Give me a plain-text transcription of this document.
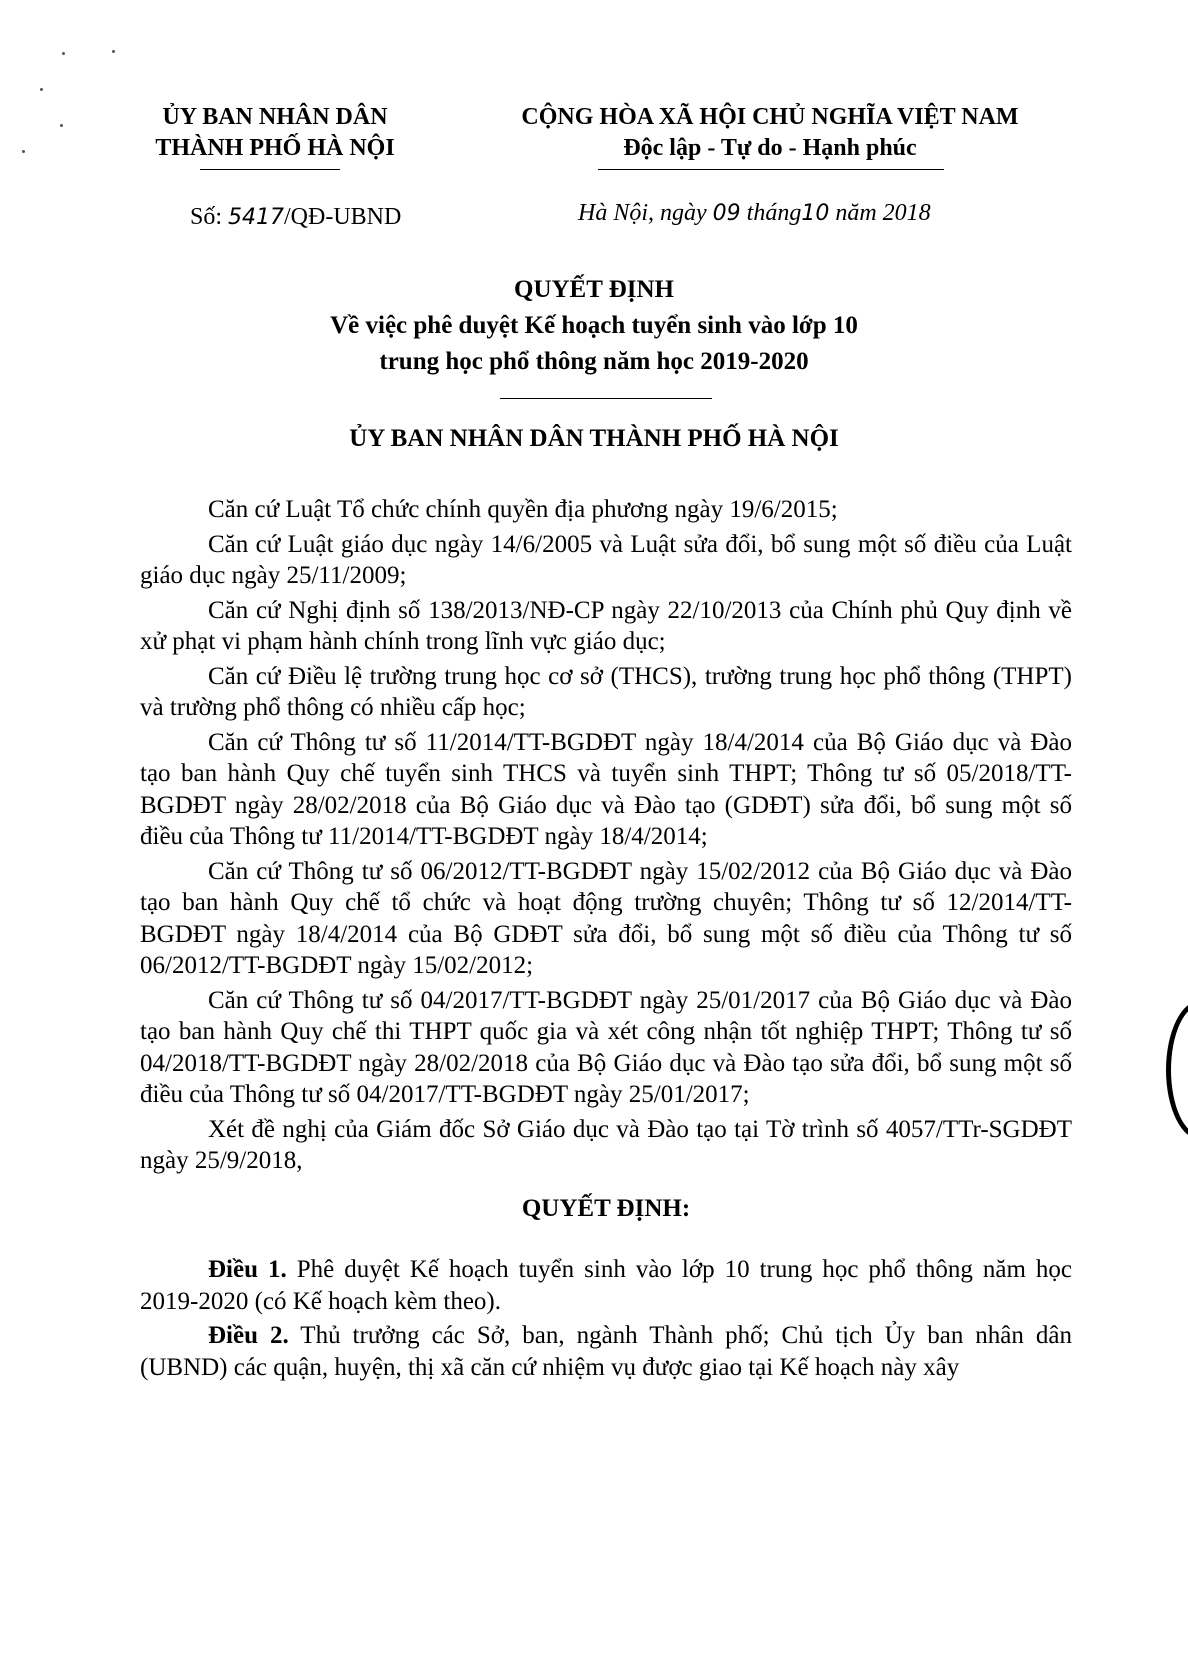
ỦY BAN NHÂN DÂN
THÀNH PHỐ HÀ NỘI
CỘNG HÒA XÃ HỘI CHỦ NGHĨA VIỆT NAM
Độc lập - Tự do - Hạnh phúc
Số: 5417/QĐ-UBND	Hà Nội, ngày 09 tháng10 năm 2018
QUYẾT ĐỊNH
Về việc phê duyệt Kế hoạch tuyển sinh vào lớp 10
trung học phổ thông năm học 2019-2020
ỦY BAN NHÂN DÂN THÀNH PHỐ HÀ NỘI

Căn cứ Luật Tổ chức chính quyền địa phương ngày 19/6/2015;

Căn cứ Luật giáo dục ngày 14/6/2005 và Luật sửa đổi, bổ sung một số điều của Luật giáo dục ngày 25/11/2009;

Căn cứ Nghị định số 138/2013/NĐ-CP ngày 22/10/2013 của Chính phủ Quy định về xử phạt vi phạm hành chính trong lĩnh vực giáo dục;

Căn cứ Điều lệ trường trung học cơ sở (THCS), trường trung học phổ thông (THPT) và trường phổ thông có nhiều cấp học;

Căn cứ Thông tư số 11/2014/TT-BGDĐT ngày 18/4/2014 của Bộ Giáo dục và Đào tạo ban hành Quy chế tuyển sinh THCS và tuyển sinh THPT; Thông tư số 05/2018/TT-BGDĐT ngày 28/02/2018 của Bộ Giáo dục và Đào tạo (GDĐT) sửa đổi, bổ sung một số điều của Thông tư 11/2014/TT-BGDĐT ngày 18/4/2014;

Căn cứ Thông tư số 06/2012/TT-BGDĐT ngày 15/02/2012 của Bộ Giáo dục và Đào tạo ban hành Quy chế tổ chức và hoạt động trường chuyên; Thông tư số 12/2014/TT-BGDĐT ngày 18/4/2014 của Bộ GDĐT sửa đổi, bổ sung một số điều của Thông tư số 06/2012/TT-BGDĐT ngày 15/02/2012;

Căn cứ Thông tư số 04/2017/TT-BGDĐT ngày 25/01/2017 của Bộ Giáo dục và Đào tạo ban hành Quy chế thi THPT quốc gia và xét công nhận tốt nghiệp THPT; Thông tư số 04/2018/TT-BGDĐT ngày 28/02/2018 của Bộ Giáo dục và Đào tạo sửa đổi, bổ sung một số điều của Thông tư số 04/2017/TT-BGDĐT ngày 25/01/2017;

Xét đề nghị của Giám đốc Sở Giáo dục và Đào tạo tại Tờ trình số 4057/TTr-SGDĐT ngày 25/9/2018,

QUYẾT ĐỊNH:

Điều 1. Phê duyệt Kế hoạch tuyển sinh vào lớp 10 trung học phổ thông năm học 2019-2020 (có Kế hoạch kèm theo).

Điều 2. Thủ trưởng các Sở, ban, ngành Thành phố; Chủ tịch Ủy ban nhân dân (UBND) các quận, huyện, thị xã căn cứ nhiệm vụ được giao tại Kế hoạch này xây
